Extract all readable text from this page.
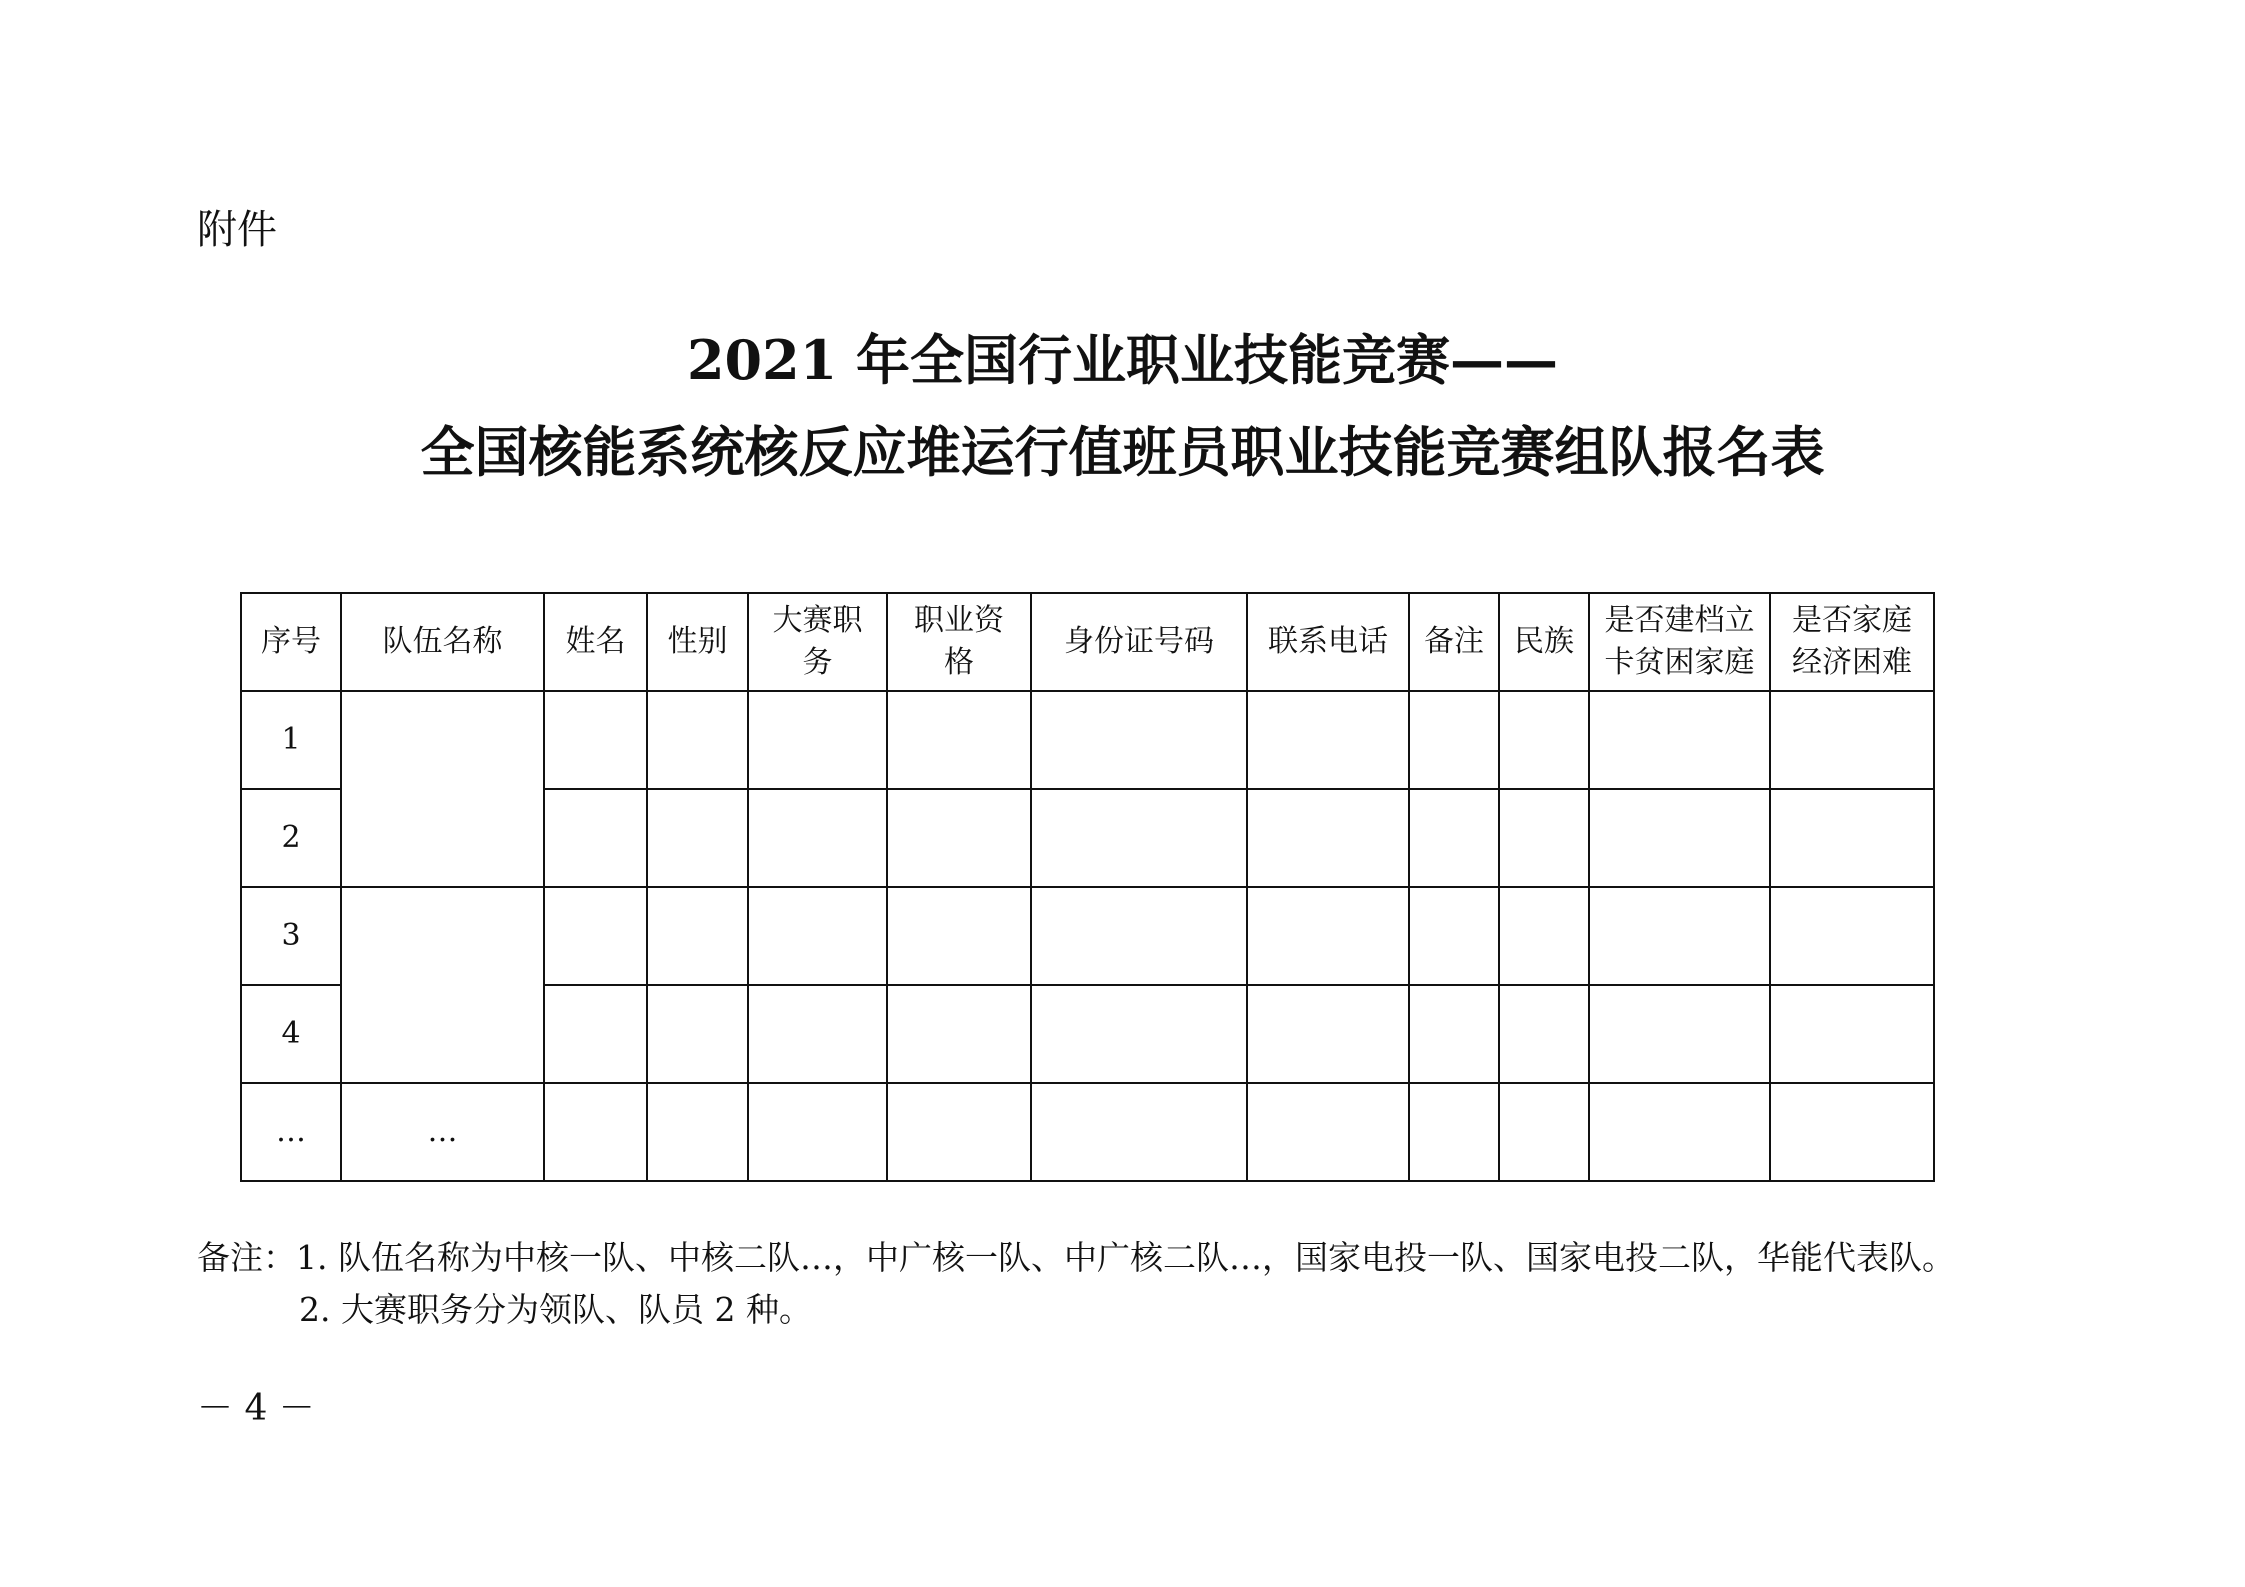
附件
2021 年全国行业职业技能竞赛——
全国核能系统核反应堆运行值班员职业技能竞赛组队报名表
序号	队伍名称	姓名	性别	大赛职务	职业资格	身份证号码	联系电话	备注	民族	是否建档立卡贫困家庭	是否家庭经济困难
1											
2											
3											
4											
…	…										
备注：1. 队伍名称为中核一队、中核二队…，中广核一队、中广核二队…，国家电投一队、国家电投二队，华能代表队。
2. 大赛职务分为领队、队员 2 种。
－ 4 －
